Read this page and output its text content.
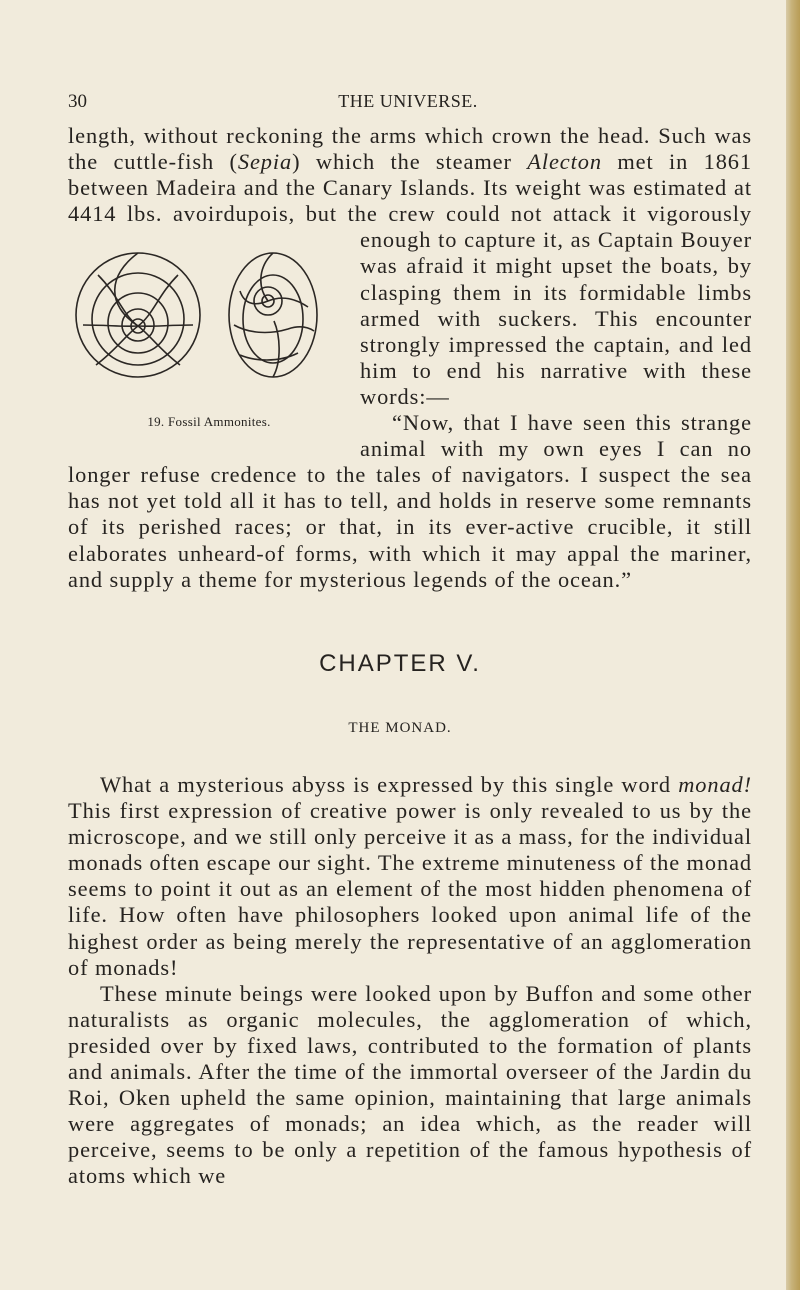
30	THE UNIVERSE.

length, without reckoning the arms which crown the head. Such was the cuttle-fish (Sepia) which the steamer Alecton met in 1861 between Madeira and the Canary Islands. Its weight was estimated at 4414 lbs. avoirdupois, but the crew could not attack it vigorously enough to
19. Fossil Ammonites.
capture it, as Captain Bouyer was afraid it might upset the boats, by clasping them in its formidable limbs armed with suckers. This encounter strongly impressed the captain, and led him to end his narrative with these words:—

“Now, that I have seen this strange animal with my own eyes I can no longer refuse credence to the tales of navigators. I suspect the sea has not yet told all it has to tell, and holds in reserve some remnants of its perished races; or that, in its ever-active crucible, it still elaborates unheard-of forms, with which it may appal the mariner, and supply a theme for mysterious legends of the ocean.”

CHAPTER V.
THE MONAD.

What a mysterious abyss is expressed by this single word monad! This first expression of creative power is only revealed to us by the microscope, and we still only perceive it as a mass, for the individual monads often escape our sight. The extreme minuteness of the monad seems to point it out as an element of the most hidden phenomena of life. How often have philosophers looked upon animal life of the highest order as being merely the representative of an agglomeration of monads!

These minute beings were looked upon by Buffon and some other naturalists as organic molecules, the agglomeration of which, presided over by fixed laws, contributed to the formation of plants and animals. After the time of the immortal overseer of the Jardin du Roi, Oken upheld the same opinion, maintaining that large animals were aggregates of monads; an idea which, as the reader will perceive, seems to be only a repetition of the famous hypothesis of atoms which we
